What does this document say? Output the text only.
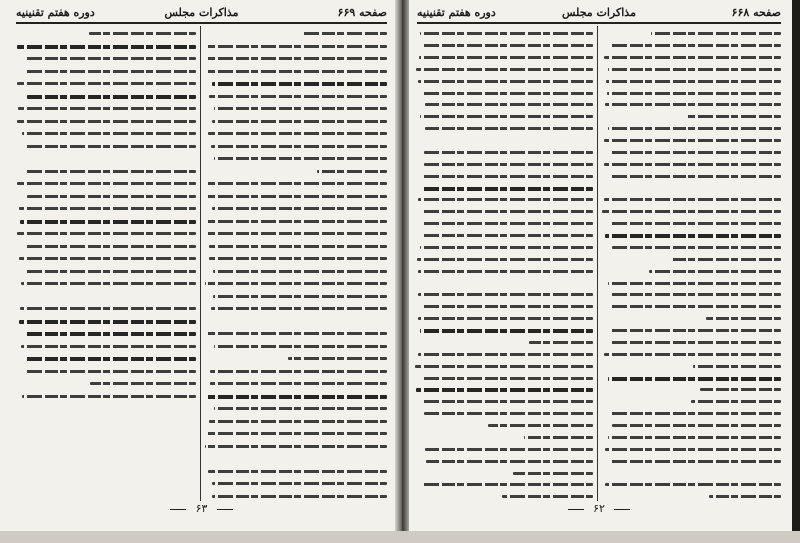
صفحه ۶۶۹
مذاکرات مجلس
دوره هفتم تقنینیه
۶۳
صفحه ۶۶۸
مذاکرات مجلس
دوره هفتم تقنینیه
۶۲
